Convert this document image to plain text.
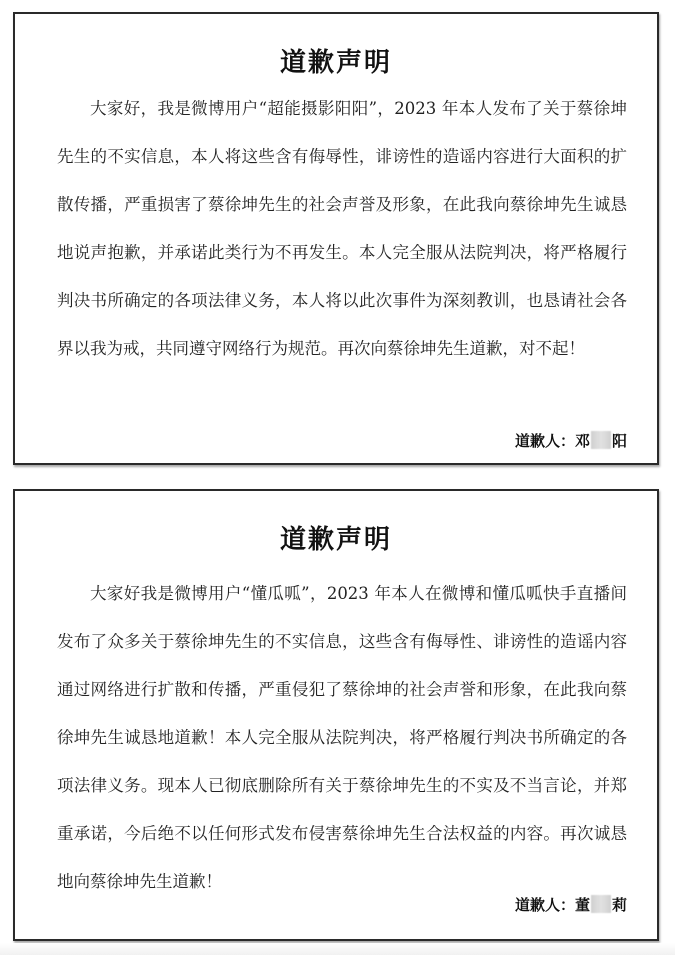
道歉声明

大家好，我是微博用户“超能摄影阳阳”，2023 年本人发布了关于蔡徐坤先生的不实信息，本人将这些含有侮辱性，诽谤性的造谣内容进行大面积的扩散传播，严重损害了蔡徐坤先生的社会声誉及形象，在此我向蔡徐坤先生诚恳地说声抱歉，并承诺此类行为不再发生。本人完全服从法院判决，将严格履行判决书所确定的各项法律义务，本人将以此次事件为深刻教训，也恳请社会各界以我为戒，共同遵守网络行为规范。再次向蔡徐坤先生道歉，对不起！

道歉人：邓 阳
道歉声明

大家好我是微博用户“懂瓜呱”，2023 年本人在微博和懂瓜呱快手直播间发布了众多关于蔡徐坤先生的不实信息，这些含有侮辱性、诽谤性的造谣内容通过网络进行扩散和传播，严重侵犯了蔡徐坤的社会声誉和形象，在此我向蔡徐坤先生诚恳地道歉！本人完全服从法院判决，将严格履行判决书所确定的各项法律义务。现本人已彻底删除所有关于蔡徐坤先生的不实及不当言论，并郑重承诺，今后绝不以任何形式发布侵害蔡徐坤先生合法权益的内容。再次诚恳地向蔡徐坤先生道歉！

道歉人：董 莉
